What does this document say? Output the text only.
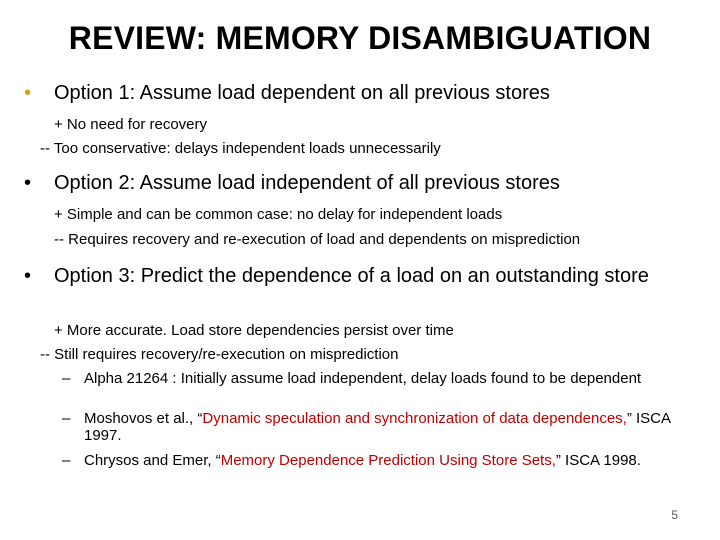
REVIEW: MEMORY DISAMBIGUATION
•	Option 1: Assume load dependent on all previous stores
+ No need for recovery
-- Too conservative: delays independent loads unnecessarily
•	Option 2: Assume load independent of all previous stores
+ Simple and can be common case: no delay for independent loads
-- Requires recovery and re-execution of load and dependents on misprediction
•	Option 3: Predict the dependence of a load on an outstanding store
+ More accurate. Load store dependencies persist over time
-- Still requires recovery/re-execution on misprediction
– Alpha 21264 : Initially assume load independent, delay loads found to be dependent
– Moshovos et al., “Dynamic speculation and synchronization of data dependences,” ISCA 1997.
– Chrysos and Emer, “Memory Dependence Prediction Using Store Sets,” ISCA 1998.
5
